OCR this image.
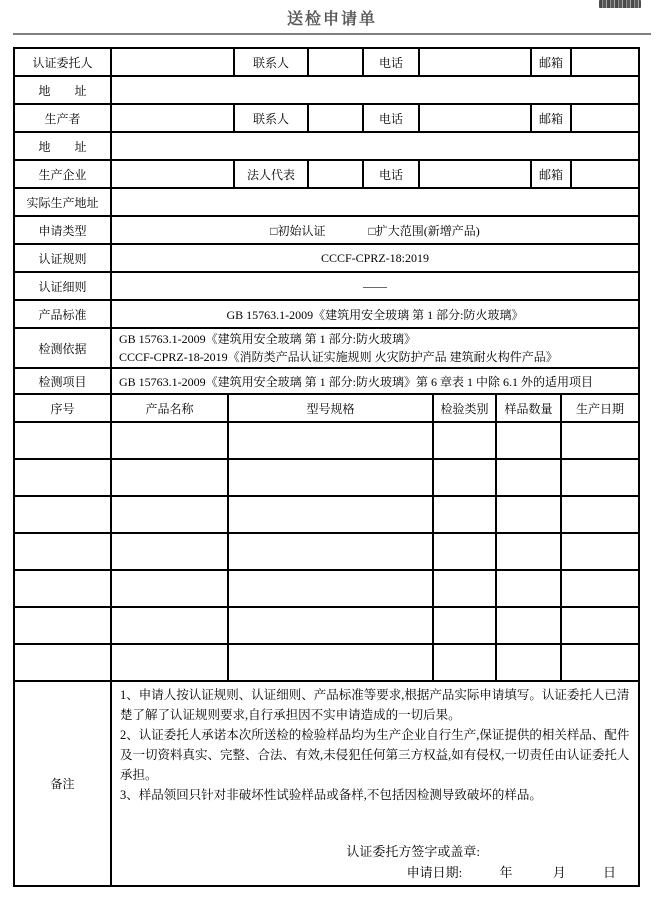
送检申请单
认证委托人		联系人		电话		邮箱	
地　　址							
生产者		联系人		电话		邮箱	
地　　址							
生产企业		法人代表		电话		邮箱	
实际生产地址							
申请类型	□初始认证 □扩大范围(新增产品)						
认证规则	CCCF-CPRZ-18:2019						
认证细则	——						
产品标准	GB 15763.1-2009《建筑用安全玻璃 第 1 部分:防火玻璃》						
检测依据	GB 15763.1-2009《建筑用安全玻璃 第 1 部分:防火玻璃》
CCCF-CPRZ-18-2019《消防类产品认证实施规则 火灾防护产品 建筑耐火构件产品》						

检测项目	GB 15763.1-2009《建筑用安全玻璃 第 1 部分:防火玻璃》第 6 章表 1 中除 6.1 外的适用项目						
序号	产品名称	型号规格	检验类别	样品数量	生产日期

备注	
1、申请人按认证规则、认证细则、产品标准等要求,根据产品实际申请填写。认证委托人已清楚了解了认证规则要求,自行承担因不实申请造成的一切后果。
2、认证委托人承诺本次所送检的检验样品均为生产企业自行生产,保证提供的相关样品、配件及一切资料真实、完整、合法、有效,未侵犯任何第三方权益,如有侵权,一切责任由认证委托人承担。
3、样品领回只针对非破坏性试验样品或备样,不包括因检测导致破坏的样品。
认证委托方签字或盖章:
申请日期:	年	月	日
